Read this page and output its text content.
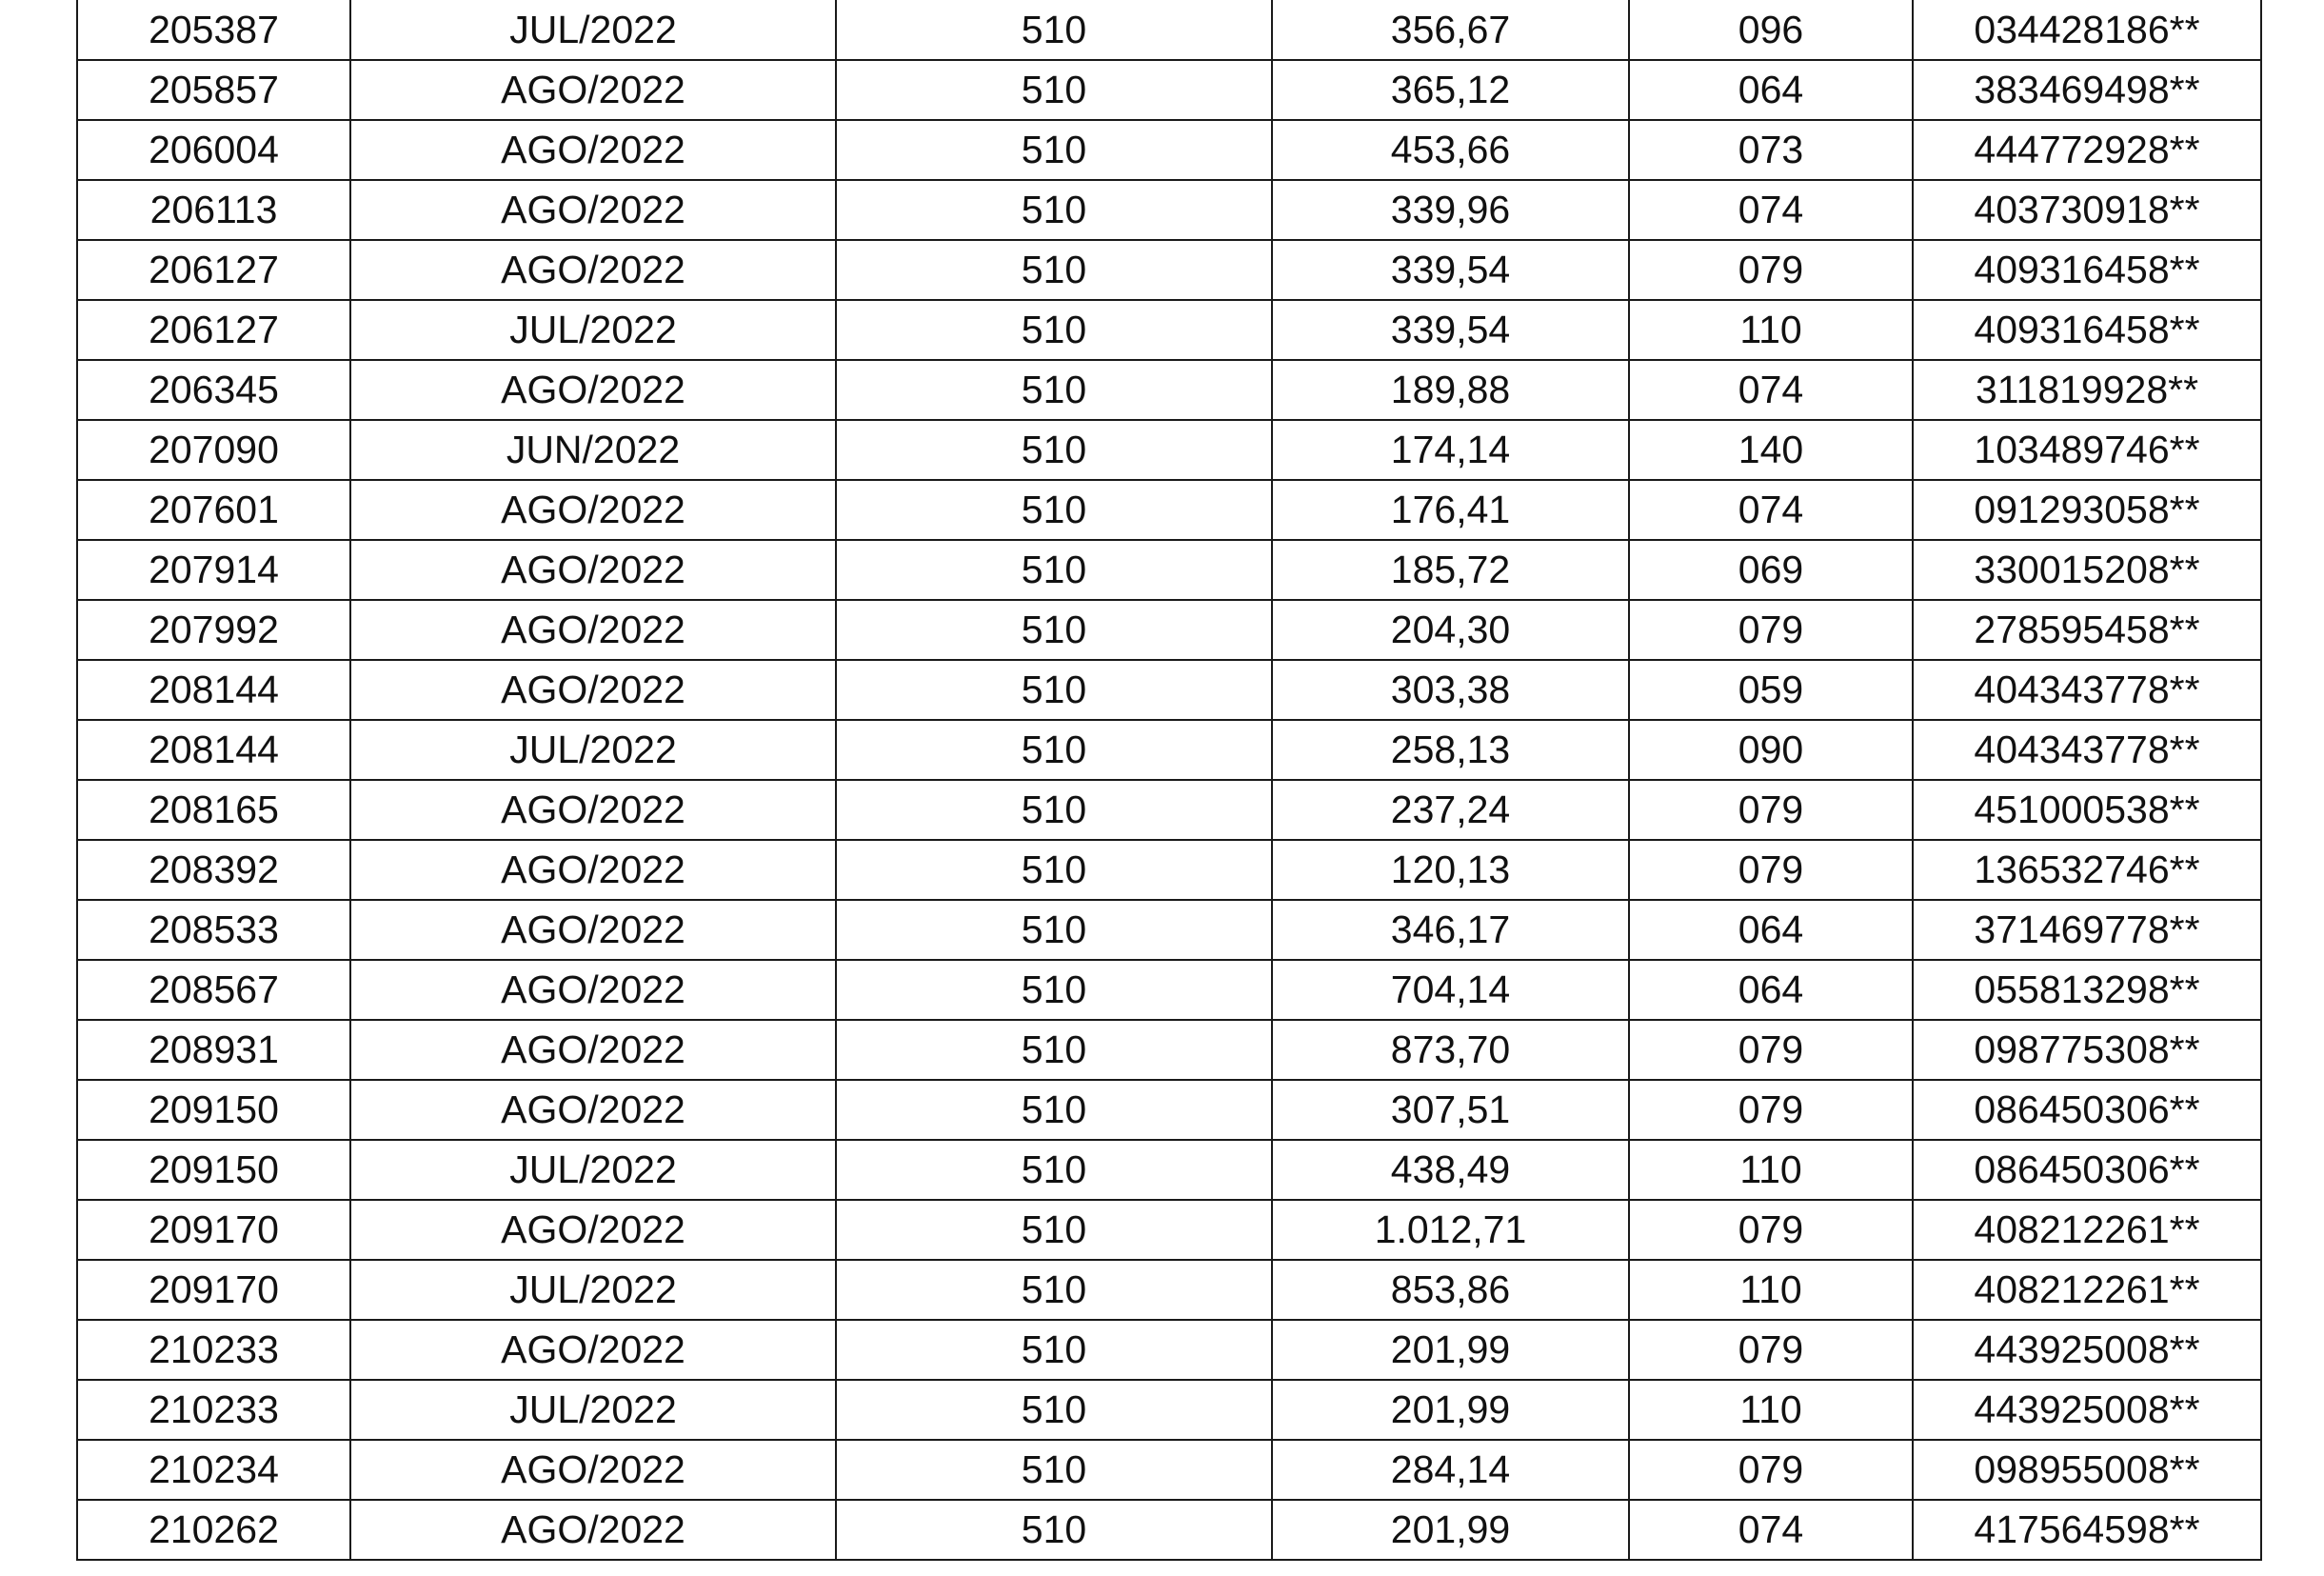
205387	JUL/2022	510	356,67	096	034428186**
205857	AGO/2022	510	365,12	064	383469498**
206004	AGO/2022	510	453,66	073	444772928**
206113	AGO/2022	510	339,96	074	403730918**
206127	AGO/2022	510	339,54	079	409316458**
206127	JUL/2022	510	339,54	110	409316458**
206345	AGO/2022	510	189,88	074	311819928**
207090	JUN/2022	510	174,14	140	103489746**
207601	AGO/2022	510	176,41	074	091293058**
207914	AGO/2022	510	185,72	069	330015208**
207992	AGO/2022	510	204,30	079	278595458**
208144	AGO/2022	510	303,38	059	404343778**
208144	JUL/2022	510	258,13	090	404343778**
208165	AGO/2022	510	237,24	079	451000538**
208392	AGO/2022	510	120,13	079	136532746**
208533	AGO/2022	510	346,17	064	371469778**
208567	AGO/2022	510	704,14	064	055813298**
208931	AGO/2022	510	873,70	079	098775308**
209150	AGO/2022	510	307,51	079	086450306**
209150	JUL/2022	510	438,49	110	086450306**
209170	AGO/2022	510	1.012,71	079	408212261**
209170	JUL/2022	510	853,86	110	408212261**
210233	AGO/2022	510	201,99	079	443925008**
210233	JUL/2022	510	201,99	110	443925008**
210234	AGO/2022	510	284,14	079	098955008**
210262	AGO/2022	510	201,99	074	417564598**
